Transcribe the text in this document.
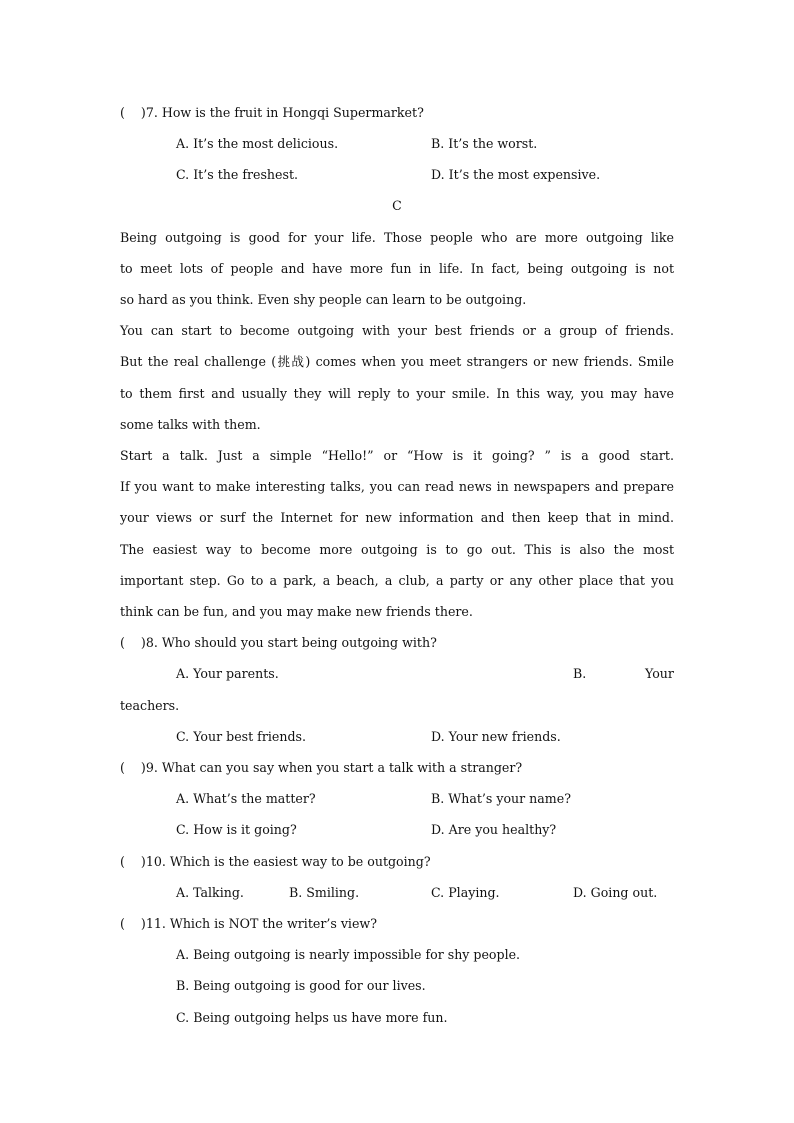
(    )7. How is the fruit in Hongqi Supermarket?
A. It’s the most delicious.	B. It’s the worst.
C. It’s the freshest.	D. It’s the most expensive.
C
Being outgoing is good for your life. Those people who are more outgoing like
to meet lots of people and have more fun in life. In fact, being outgoing is not
so hard as you think. Even shy people can learn to be outgoing.
You can start to become outgoing with your best friends or a group of friends.
But the real challenge (挑战) comes when you meet strangers or new friends. Smile
to them first and usually they will reply to your smile. In this way, you may have
some talks with them.
Start a talk. Just a simple “Hello!” or “How is it going? ” is a good start.
If you want to make interesting talks, you can read news in newspapers and prepare
your views or surf the Internet for new information and then keep that in mind.
The easiest way to become more outgoing is to go out. This is also the most
important step. Go to a park, a beach, a club, a party or any other place that you
think can be fun, and you may make new friends there.
(    )8. Who should you start being outgoing with?
A. Your parents.	B.	Your
teachers.
C. Your best friends.	D. Your new friends.
(    )9. What can you say when you start a talk with a stranger?
A. What’s the matter?	B. What’s your name?
C. How is it going?	D. Are you healthy?
(    )10. Which is the easiest way to be outgoing?
A. Talking.	B. Smiling.	C. Playing.	D. Going out.
(    )11. Which is NOT the writer’s view?
A. Being outgoing is nearly impossible for shy people.
B. Being outgoing is good for our lives.
C. Being outgoing helps us have more fun.
